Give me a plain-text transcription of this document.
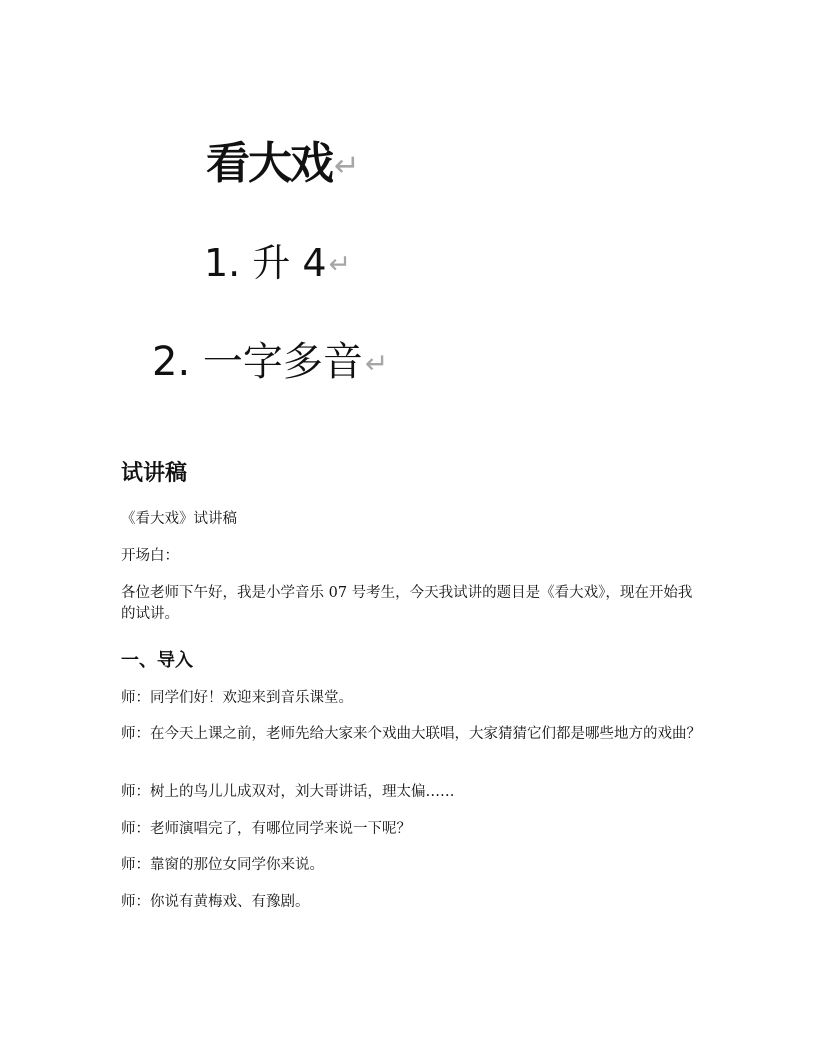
看大戏↵
1. 升 4↵
2. 一字多音↵
试讲稿
《看大戏》试讲稿
开场白：
各位老师下午好，我是小学音乐 07 号考生，今天我试讲的题目是《看大戏》，现在开始我的试讲。
一、导入
师：同学们好！欢迎来到音乐课堂。
师：在今天上课之前，老师先给大家来个戏曲大联唱，大家猜猜它们都是哪些地方的戏曲？
师：树上的鸟儿儿成双对，刘大哥讲话，理太偏……
师：老师演唱完了，有哪位同学来说一下呢？
师：靠窗的那位女同学你来说。
师：你说有黄梅戏、有豫剧。
